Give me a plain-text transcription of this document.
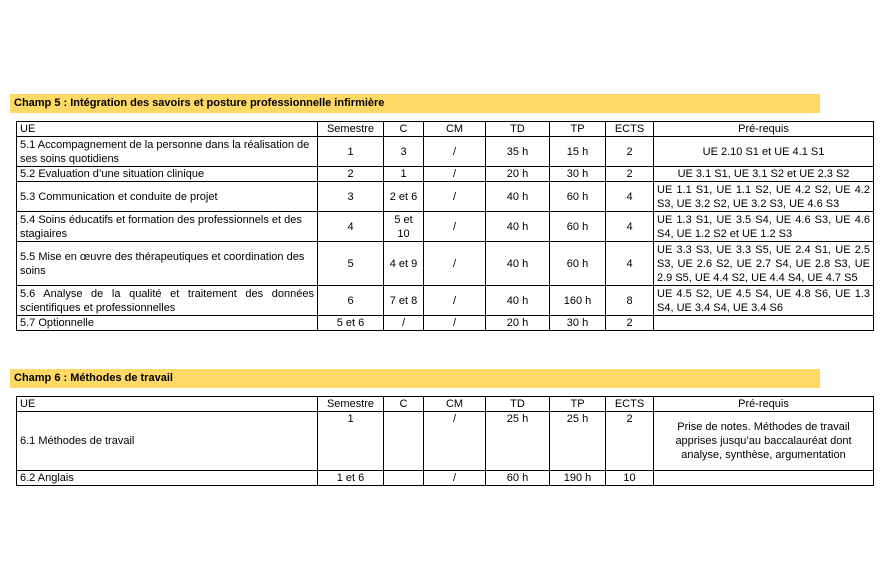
Champ 5 : Intégration des savoirs et posture professionnelle infirmière
UE	Semestre	C	CM	TD	TP	ECTS	Pré-requis
5.1 Accompagnement de la personne dans la réalisation de ses soins quotidiens	1	3	/	35 h	15 h	2	UE 2.10 S1 et UE 4.1 S1
5.2 Evaluation d’une situation clinique	2	1	/	20 h	30 h	2	UE 3.1 S1, UE 3.1 S2 et UE 2.3 S2
5.3 Communication et conduite de projet	3	2 et 6	/	40 h	60 h	4	UE 1.1 S1, UE 1.1 S2, UE 4.2 S2, UE 4.2 S3, UE 3.2 S2, UE 3.2 S3, UE 4.6 S3
5.4 Soins éducatifs et formation des professionnels et des stagiaires	4	5 et 10	/	40 h	60 h	4	UE 1.3 S1, UE 3.5 S4, UE 4.6 S3, UE 4.6 S4, UE 1.2 S2 et UE 1.2 S3
5.5 Mise en œuvre des thérapeutiques et coordination des soins	5	4 et 9	/	40 h	60 h	4	UE 3.3 S3, UE 3.3 S5, UE 2.4 S1, UE 2.5 S3, UE 2.6 S2, UE 2.7 S4, UE 2.8 S3, UE 2.9 S5, UE 4.4 S2, UE 4.4 S4, UE 4.7 S5
5.6 Analyse de la qualité et traitement des données scientifiques et professionnelles	6	7 et 8	/	40 h	160 h	8	UE 4.5 S2, UE 4.5 S4, UE 4.8 S6, UE 1.3 S4, UE 3.4 S4, UE 3.4 S6
5.7 Optionnelle	5 et 6	/	/	20 h	30 h	2	
Champ 6 : Méthodes de travail
UE	Semestre	C	CM	TD	TP	ECTS	Pré-requis
6.1 Méthodes de travail	1		/	25 h	25 h	2	Prise de notes. Méthodes de travail apprises jusqu’au baccalauréat dont analyse, synthèse, argumentation
6.2 Anglais	1 et 6		/	60 h	190 h	10	
